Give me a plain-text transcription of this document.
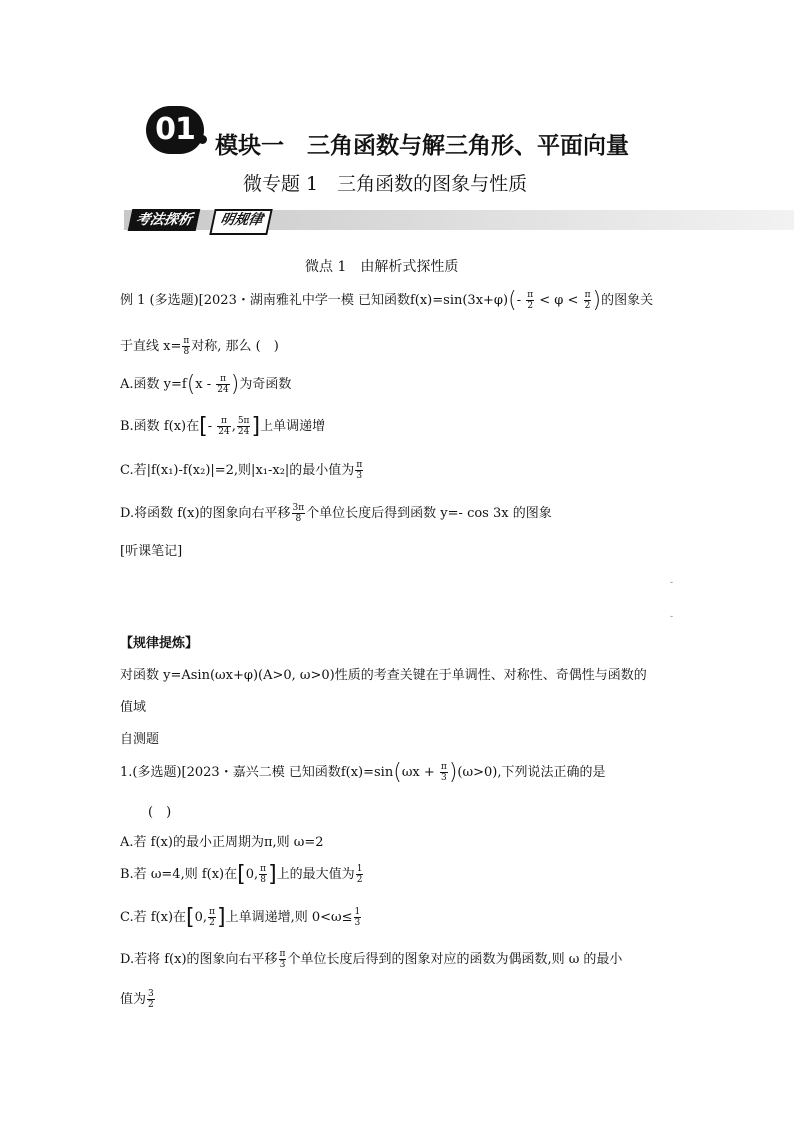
01 模块一　三角函数与解三角形、平面向量
微专题 1　三角函数的图象与性质
考法探析	明规律
微点 1　由解析式探性质
例 1 (多选题)[2023・湖南雅礼中学一模 已知函数$f(x)=\sin(3x+\varphi)(- \frac{\pi}{2} < \varphi < \frac{\pi}{2}$ )的图象关
于直线 $x= \frac{\pi}{8}$ 对称, 那么 (　)
A.函数 $y=f(x - \frac{\pi}{24}$ )为奇函数
B.函数 f(x)在[- $\frac{\pi}{24}$ , $\frac{5\pi}{24}$ ]上单调递增
C.若|f(x₁)-f(x₂)|=2,则|x₁-x₂|的最小值为 $\frac{\pi}{3}$
D.将函数 f(x)的图象向右平移 $\frac{3\pi}{8}$ 个单位长度后得到函数 y=- cos 3x 的图象
[听课笔记]
-
-
【规律提炼】
对函数 y=Asin(ωx+φ)(A>0, ω>0)性质的考查关键在于单调性、对称性、奇偶性与函数的
值域
自测题
1.(多选题)[2023・嘉兴二模 已知函数$f(x)=\sin(\omega x + \frac{\pi}{3} )(\omega>0)$,下列说法正确的是
(　)
A.若 f(x)的最小正周期为π,则 ω=2
B.若 ω=4,则 f(x)在[0, $\frac{\pi}{8}$ ]上的最大值为 $\frac{1}{2}$
C.若 f(x)在[0, $\frac{\pi}{2}$ ]上单调递增,则 $0<\omega\le \frac{1}{3}$
D.若将 f(x)的图象向右平移 $\frac{\pi}{3}$ 个单位长度后得到的图象对应的函数为偶函数,则 ω 的最小
值为 $\frac{3}{2}$
